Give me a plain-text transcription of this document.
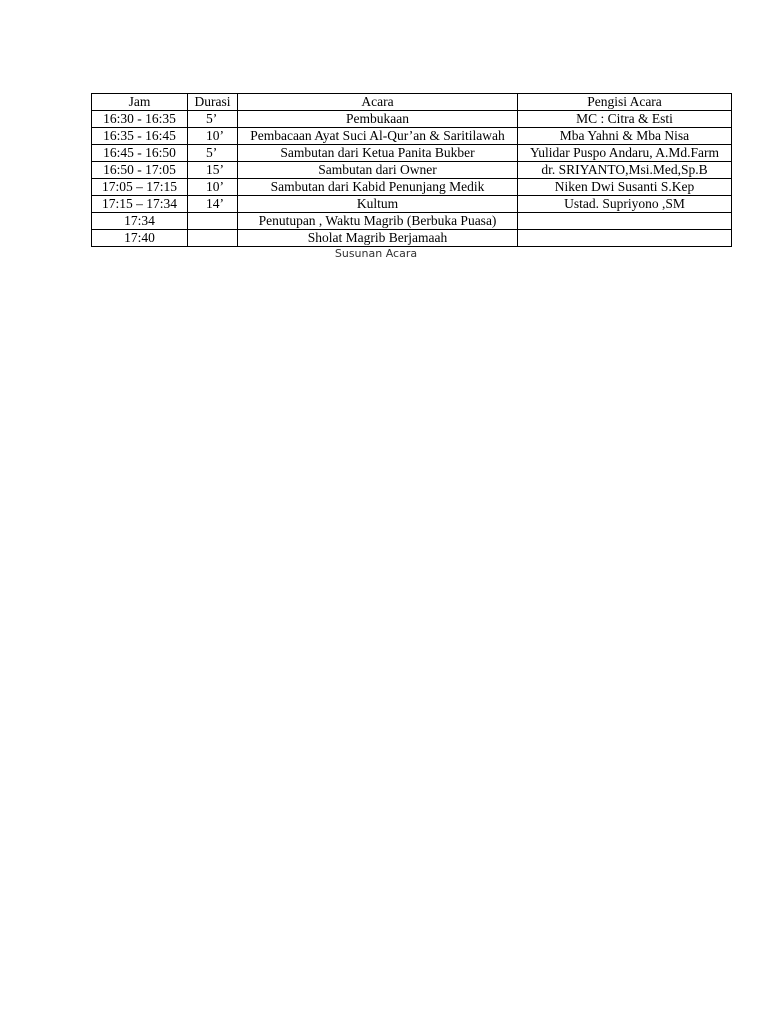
Jam	Durasi	Acara	Pengisi Acara
16:30 - 16:35	5’	Pembukaan	MC : Citra & Esti
16:35 - 16:45	10’	Pembacaan Ayat Suci Al-Qur’an & Saritilawah	Mba Yahni & Mba Nisa
16:45 - 16:50	5’	Sambutan dari Ketua Panita Bukber	Yulidar Puspo Andaru, A.Md.Farm
16:50 - 17:05	15’	Sambutan dari Owner	dr. SRIYANTO,Msi.Med,Sp.B
17:05 – 17:15	10’	Sambutan dari Kabid Penunjang Medik	Niken Dwi Susanti S.Kep
17:15 – 17:34	14’	Kultum	Ustad. Supriyono ,SM
17:34		Penutupan , Waktu Magrib (Berbuka Puasa)	
17:40		Sholat Magrib Berjamaah	
Susunan Acara
